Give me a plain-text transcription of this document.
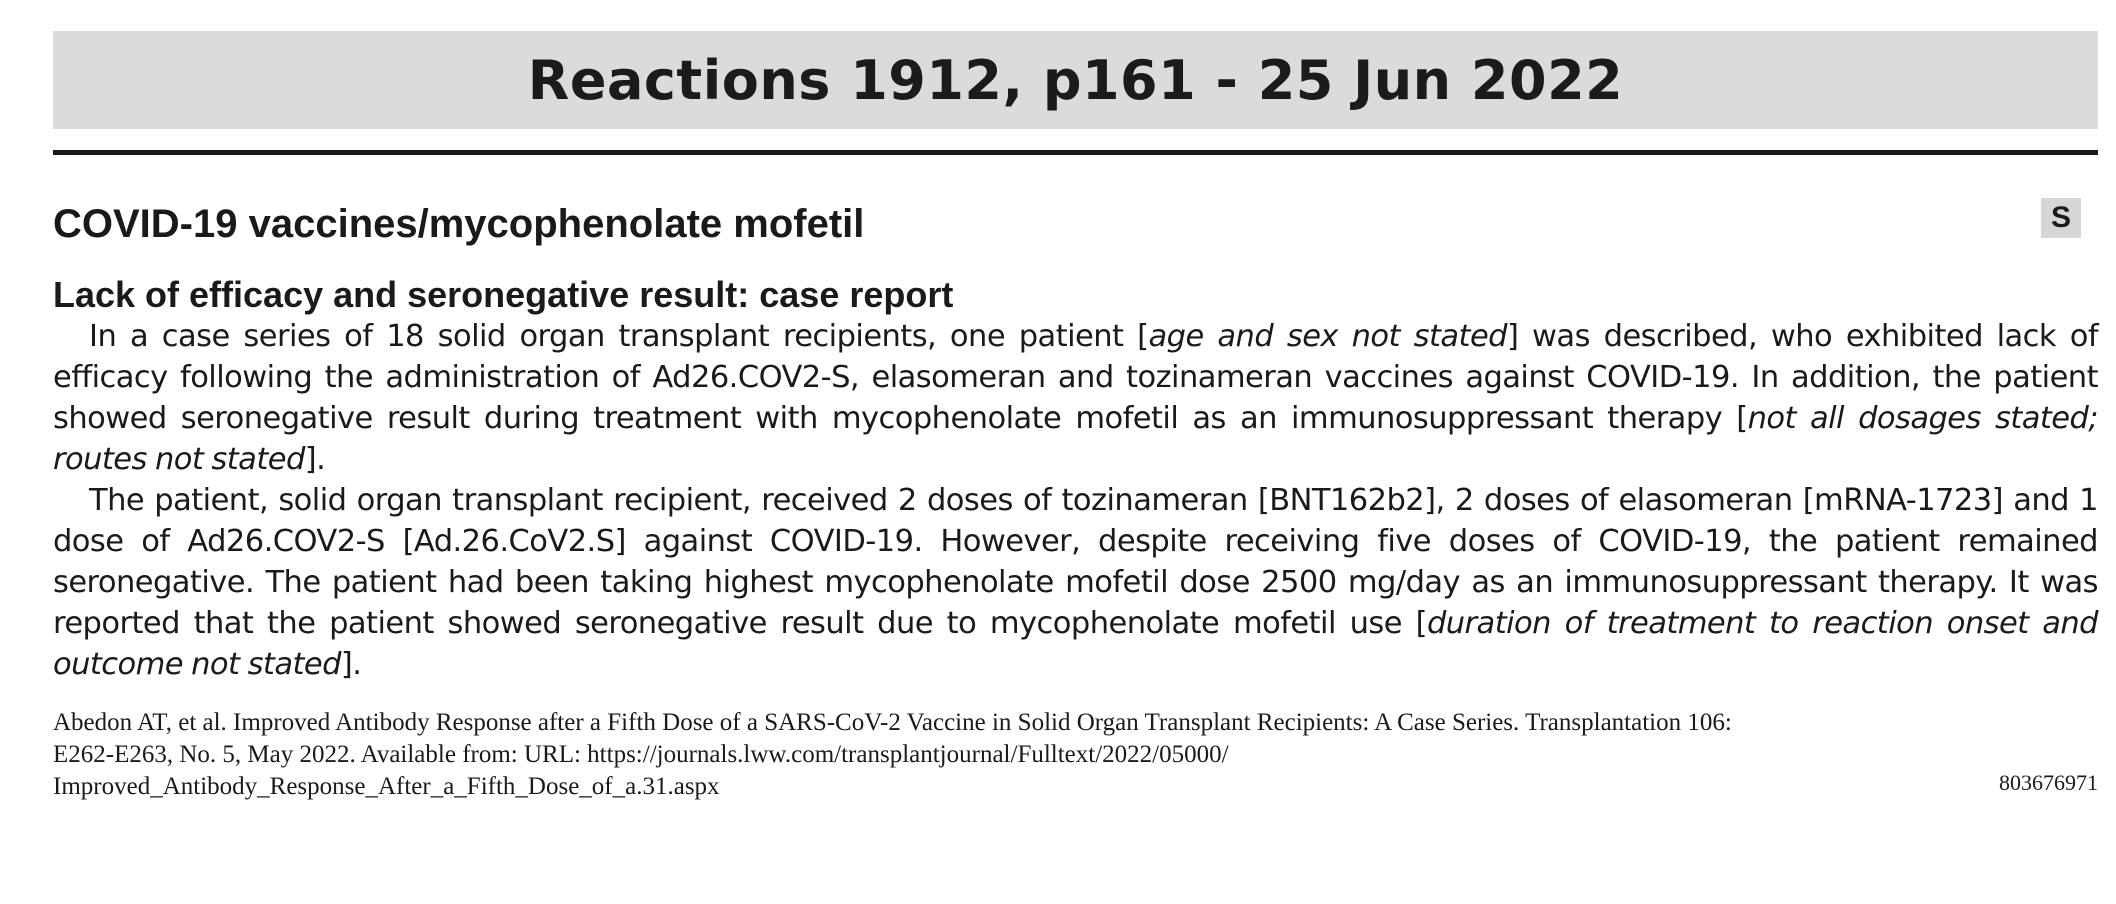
Reactions 1912, p161 - 25 Jun 2022
COVID-19 vaccines/mycophenolate mofetil	S
Lack of efficacy and seronegative result: case report

In a case series of 18 solid organ transplant recipients, one patient [age and sex not stated] was described, who exhibited lack of efficacy following the administration of Ad26.COV2-S, elasomeran and tozinameran vaccines against COVID-19. In addition, the patient showed seronegative result during treatment with mycophenolate mofetil as an immunosuppressant therapy [not all dosages stated; routes not stated].

The patient, solid organ transplant recipient, received 2 doses of tozinameran [BNT162b2], 2 doses of elasomeran [mRNA-1723] and 1 dose of Ad26.COV2-S [Ad.26.CoV2.S] against COVID-19. However, despite receiving five doses of COVID-19, the patient remained seronegative. The patient had been taking highest mycophenolate mofetil dose 2500 mg/day as an immunosuppressant therapy. It was reported that the patient showed seronegative result due to mycophenolate mofetil use [duration of treatment to reaction onset and outcome not stated].

Abedon AT, et al. Improved Antibody Response after a Fifth Dose of a SARS-CoV-2 Vaccine in Solid Organ Transplant Recipients: A Case Series. Transplantation 106:
E262-E263, No. 5, May 2022. Available from: URL: https://journals.lww.com/transplantjournal/Fulltext/2022/05000/
Improved_Antibody_Response_After_a_Fifth_Dose_of_a.31.aspx	803676971
